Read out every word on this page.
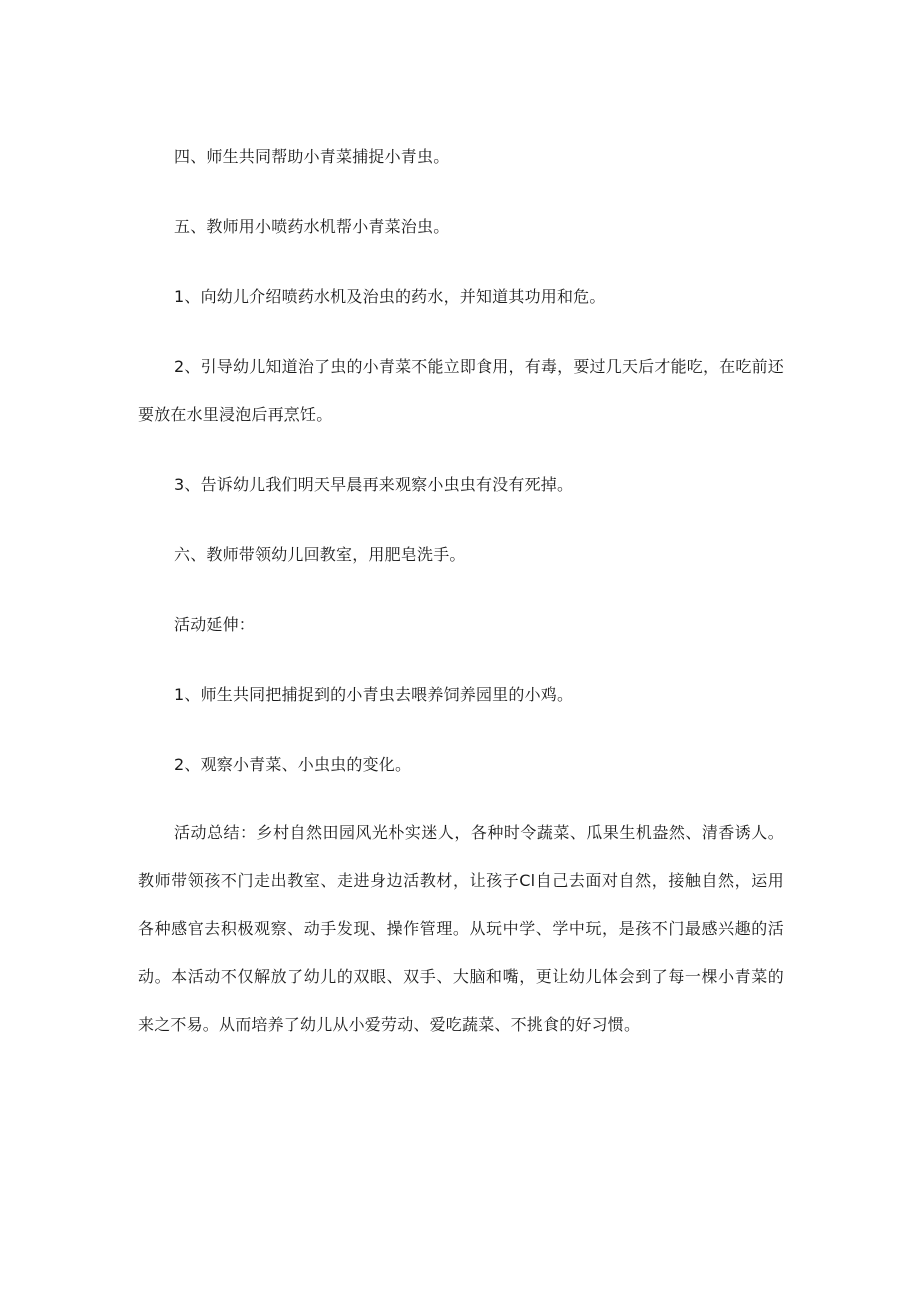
四、师生共同帮助小青菜捕捉小青虫。

五、教师用小喷药水机帮小青菜治虫。

1、向幼儿介绍喷药水机及治虫的药水，并知道其功用和危。

2、引导幼儿知道治了虫的小青菜不能立即食用，有毒，要过几天后才能吃，在吃前还要放在水里浸泡后再烹饪。

3、告诉幼儿我们明天早晨再来观察小虫虫有没有死掉。

六、教师带领幼儿回教室，用肥皂洗手。

活动延伸：

1、师生共同把捕捉到的小青虫去喂养饲养园里的小鸡。

2、观察小青菜、小虫虫的变化。

活动总结：乡村自然田园风光朴实迷人，各种时令蔬菜、瓜果生机盎然、清香诱人。教师带领孩不门走出教室、走进身边活教材，让孩子Cl自己去面对自然，接触自然，运用各种感官去积极观察、动手发现、操作管理。从玩中学、学中玩，是孩不门最感兴趣的活动。本活动不仅解放了幼儿的双眼、双手、大脑和嘴，更让幼儿体会到了每一棵小青菜的来之不易。从而培养了幼儿从小爱劳动、爱吃蔬菜、不挑食的好习惯。
